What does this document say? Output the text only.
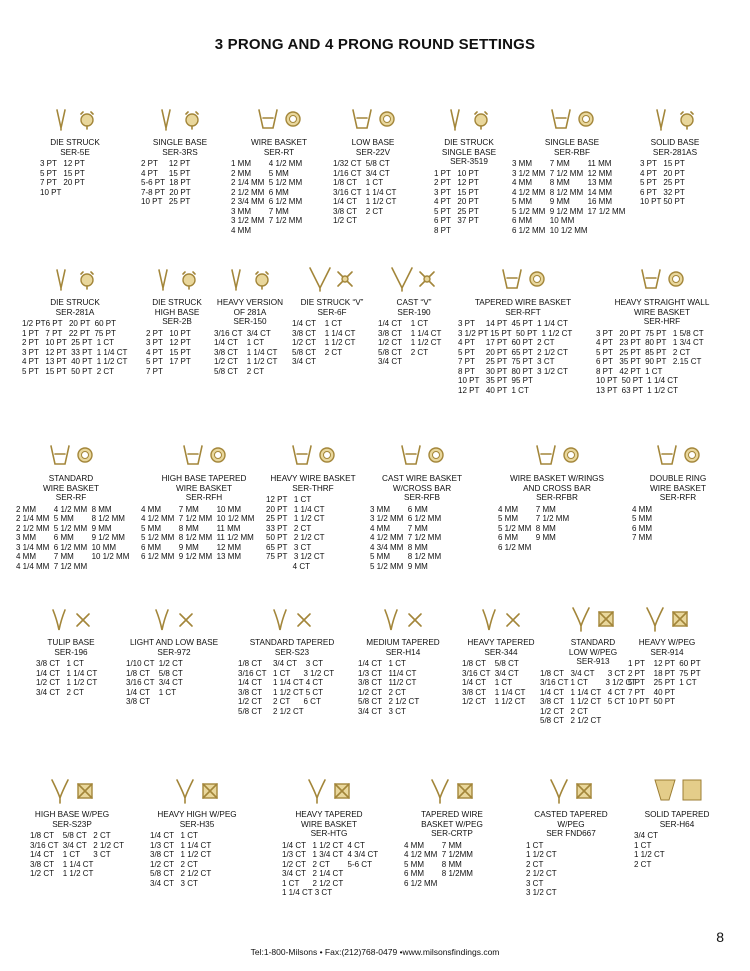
3 PRONG AND 4 PRONG ROUND SETTINGS
DIE STRUCK
SER-5E
3 PT   12 PT
5 PT   15 PT
7 PT   20 PT
10 PT
SINGLE BASE
SER-3RS
2 PT     12 PT
4 PT     15 PT
5-6 PT  18 PT
7-8 PT  20 PT
10 PT   25 PT
WIRE BASKET
SER-RT
1 MM        4 1/2 MM
2 MM        5 MM
2 1/4 MM  5 1/2 MM
2 1/2 MM  6 MM
2 3/4 MM  6 1/2 MM
3 MM        7 MM
3 1/2 MM  7 1/2 MM
4 MM
LOW BASE
SER-22V
1/32 CT  5/8 CT
1/16 CT  3/4 CT
1/8 CT    1 CT
3/16 CT  1 1/4 CT
1/4 CT    1 1/2 CT
3/8 CT    2 CT
1/2 CT
DIE STRUCK
SINGLE BASE
SER-3519
1 PT   10 PT
2 PT   12 PT
3 PT   15 PT
4 PT   20 PT
5 PT   25 PT
6 PT   37 PT
8 PT
SINGLE BASE
SER-RBF
3 MM        7 MM        11 MM
3 1/2 MM  7 1/2 MM  12 MM
4 MM        8 MM        13 MM
4 1/2 MM  8 1/2 MM  14 MM
5 MM        9 MM        16 MM
5 1/2 MM  9 1/2 MM  17 1/2 MM
6 MM        10 MM
6 1/2 MM  10 1/2 MM
SOLID BASE
SER-281AS
3 PT   15 PT
4 PT   20 PT
5 PT   25 PT
6 PT   32 PT
10 PT 50 PT
DIE STRUCK
SER-281A
1/2 PT6 PT   20 PT  60 PT
1 PT   7 PT   22 PT  75 PT
2 PT   10 PT  25 PT  1 CT
3 PT   12 PT  33 PT  1 1/4 CT
4 PT   13 PT  40 PT  1 1/2 CT
5 PT   15 PT  50 PT  2 CT
DIE STRUCK
HIGH BASE
SER-2B
2 PT   10 PT
3 PT   12 PT
4 PT   15 PT
5 PT   17 PT
7 PT
HEAVY VERSION
OF 281A
SER-150
3/16 CT  3/4 CT
1/4 CT    1 CT
3/8 CT    1 1/4 CT
1/2 CT    1 1/2 CT
5/8 CT    2 CT
DIE STRUCK “V”
SER-6F
1/4 CT    1 CT
3/8 CT    1 1/4 CT
1/2 CT    1 1/2 CT
5/8 CT    2 CT
3/4 CT
CAST “V”
SER-190
1/4 CT    1 CT
3/8 CT    1 1/4 CT
1/2 CT    1 1/2 CT
5/8 CT    2 CT
3/4 CT
TAPERED WIRE BASKET
SER-RFT
3 PT     14 PT  45 PT  1 1/4 CT
3 1/2 PT 15 PT  50 PT  1 1/2 CT
4 PT     17 PT  60 PT  2 CT
5 PT     20 PT  65 PT  2 1/2 CT
7 PT     25 PT  75 PT  3 CT
8 PT     30 PT  80 PT  3 1/2 CT
10 PT   35 PT  95 PT
12 PT   40 PT  1 CT
HEAVY STRAIGHT WALL
WIRE BASKET
SER-HRF
3 PT   20 PT  75 PT   1 5/8 CT
4 PT   23 PT  80 PT   1 3/4 CT
5 PT   25 PT  85 PT   2 CT
6 PT   35 PT  90 PT   2.15 CT
8 PT   42 PT  1 CT
10 PT  50 PT  1 1/4 CT
13 PT  63 PT  1 1/2 CT
STANDARD
WIRE BASKET
SER-RF
2 MM        4 1/2 MM  8 MM
2 1/4 MM  5 MM        8 1/2 MM
2 1/2 MM  5 1/2 MM  9 MM
3 MM        6 MM        9 1/2 MM
3 1/4 MM  6 1/2 MM  10 MM
4 MM        7 MM        10 1/2 MM
4 1/4 MM  7 1/2 MM
HIGH BASE TAPERED
WIRE BASKET
SER-RFH
4 MM        7 MM        10 MM
4 1/2 MM  7 1/2 MM  10 1/2 MM
5 MM        8 MM        11 MM
5 1/2 MM  8 1/2 MM  11 1/2 MM
6 MM        9 MM        12 MM
6 1/2 MM  9 1/2 MM  13 MM
HEAVY WIRE BASKET
SER-THRF
12 PT   1 CT
20 PT   1 1/4 CT
25 PT   1 1/2 CT
33 PT   2 CT
50 PT   2 1/2 CT
65 PT   3 CT
75 PT   3 1/2 CT
4 CT
CAST WIRE BASKET
W/CROSS BAR
SER-RFB
3 MM        6 MM
3 1/2 MM  6 1/2 MM
4 MM        7 MM
4 1/2 MM  7 1/2 MM
4 3/4 MM  8 MM
5 MM        8 1/2 MM
5 1/2 MM  9 MM
WIRE BASKET W/RINGS
AND CROSS BAR
SER-RFBR
4 MM        7 MM
5 MM        7 1/2 MM
5 1/2 MM  8 MM
6 MM        9 MM
6 1/2 MM
DOUBLE RING
WIRE BASKET
SER-RFR
4 MM
5 MM
6 MM
7 MM
TULIP BASE
SER-196
3/8 CT   1 CT
1/4 CT   1 1/4 CT
1/2 CT   1 1/2 CT
3/4 CT   2 CT
LIGHT AND LOW BASE
SER-972
1/10 CT  1/2 CT
1/8 CT    5/8 CT
3/16 CT  3/4 CT
1/4 CT    1 CT
3/8 CT
STANDARD TAPERED
SER-S23
1/8 CT     3/4 CT    3 CT
3/16 CT   1 CT      3 1/2 CT
1/4 CT     1 1/4 CT 4 CT
3/8 CT     1 1/2 CT 5 CT
1/2 CT     2 CT      6 CT
5/8 CT     2 1/2 CT
MEDIUM TAPERED
SER-H14
1/4 CT   1 CT
1/3 CT   11/4 CT
3/8 CT   11/2 CT
1/2 CT   2 CT
5/8 CT   2 1/2 CT
3/4 CT   3 CT
HEAVY TAPERED
SER-344
1/8 CT    5/8 CT
3/16 CT  3/4 CT
1/4 CT    1 CT
3/8 CT    1 1/4 CT
1/2 CT    1 1/2 CT
STANDARD
LOW W/PEG
SER-913
1/8 CT   3/4 CT      3 CT
3/16 CT 1 CT        3 1/2 CT
1/4 CT   1 1/4 CT   4 CT
3/8 CT   1 1/2 CT   5 CT
1/2 CT   2 CT
5/8 CT   2 1/2 CT
HEAVY W/PEG
SER-914
1 PT    12 PT  60 PT
2 PT    18 PT  75 PT
5 PT    25 PT  1 CT
7 PT    40 PT
10 PT  50 PT
HIGH BASE W/PEG
SER-S23P
1/8 CT    5/8 CT   2 CT
3/16 CT  3/4 CT   2 1/2 CT
1/4 CT    1 CT      3 CT
3/8 CT    1 1/4 CT
1/2 CT    1 1/2 CT
HEAVY HIGH W/PEG
SER-H35
1/4 CT   1 CT
1/3 CT   1 1/4 CT
3/8 CT   1 1/2 CT
1/2 CT   2 CT
5/8 CT   2 1/2 CT
3/4 CT   3 CT
HEAVY TAPERED
WIRE BASKET
SER-HTG
1/4 CT   1 1/2 CT  4 CT
1/3 CT   1 3/4 CT  4 3/4 CT
1/2 CT   2 CT        5-6 CT
3/4 CT   2 1/4 CT
1 CT      2 1/2 CT
1 1/4 CT 3 CT
TAPERED WIRE
BASKET W/PEG
SER-CRTP
4 MM        7 MM
4 1/2 MM  7 1/2MM
5 MM        8 MM
6 MM        8 1/2MM
6 1/2 MM
CASTED TAPERED W/PEG
SER FND667
1 CT
1 1/2 CT
2 CT
2 1/2 CT
3 CT
3 1/2 CT
SOLID TAPERED
SER-H64
3/4 CT
1 CT
1 1/2 CT
2 CT
Tel:1-800-Milsons • Fax:(212)768-0479 •www.milsonsfindings.com
8
